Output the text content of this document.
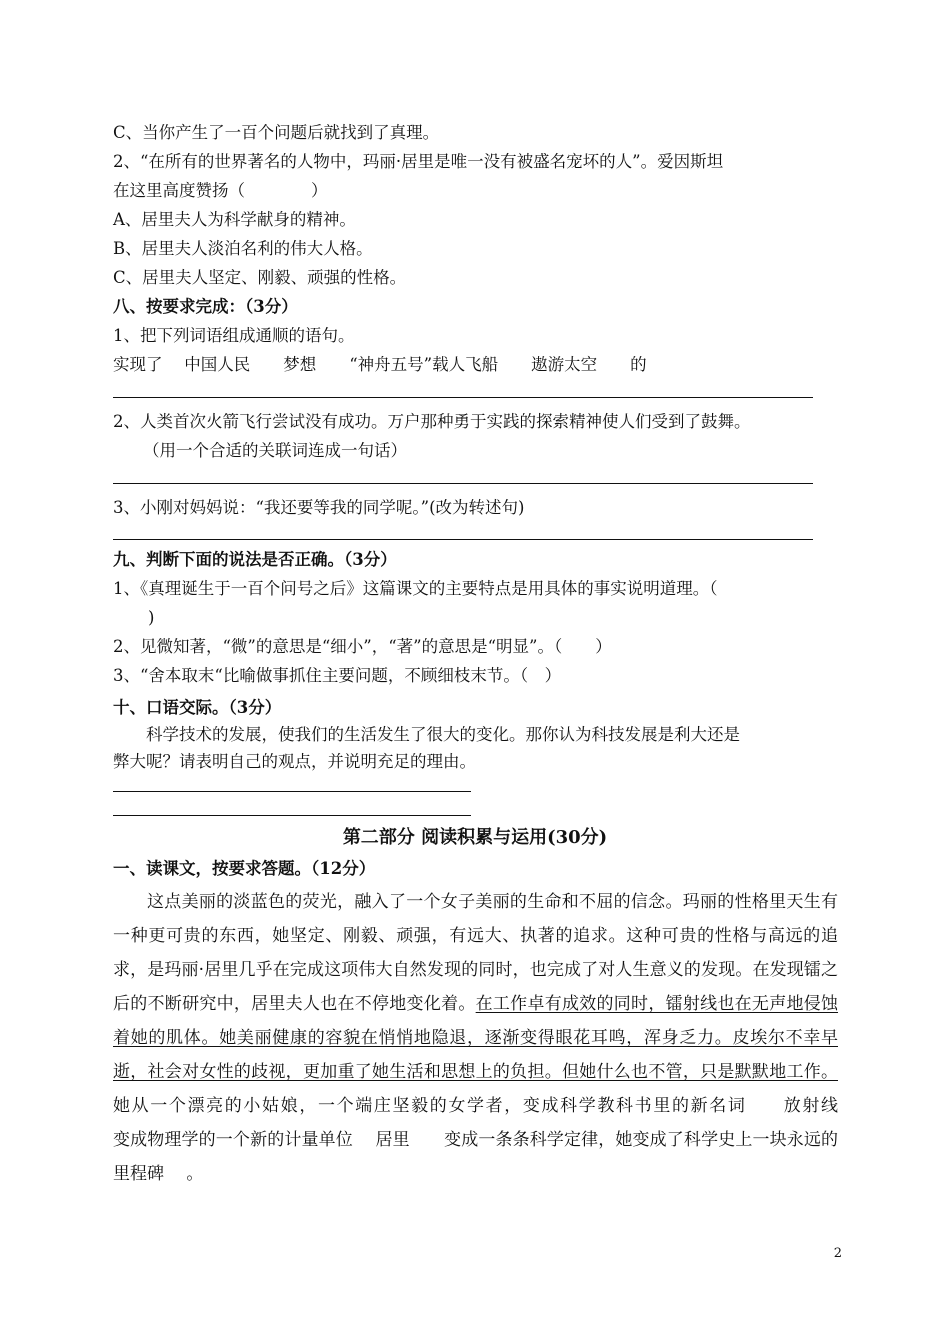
C、当你产生了一百个问题后就找到了真理。
2、“在所有的世界著名的人物中，玛丽·居里是唯一没有被盛名宠坏的人”。爱因斯坦
在这里高度赞扬（　　　　）
A、居里夫人为科学献身的精神。
B、居里夫人淡泊名利的伟大人格。
C、居里夫人坚定、刚毅、顽强的性格。
八、按要求完成：（3分）
1、把下列词语组成通顺的语句。
实现了　 中国人民　　梦想　　“神舟五号”载人飞船　　遨游太空　　的
2、人类首次火箭飞行尝试没有成功。万户那种勇于实践的探索精神使人们受到了鼓舞。
（用一个合适的关联词连成一句话）
3、小刚对妈妈说：“我还要等我的同学呢。”(改为转述句)
九、判断下面的说法是否正确。（3分）
1、《真理诞生于一百个问号之后》这篇课文的主要特点是用具体的事实说明道理。（
)
2、见微知著，“微”的意思是“细小”，“著”的意思是“明显”。（　　）
3、“舍本取末“比喻做事抓住主要问题，不顾细枝末节。（　）
十、口语交际。（3分）
　　科学技术的发展，使我们的生活发生了很大的变化。那你认为科技发展是利大还是
弊大呢？请表明自己的观点，并说明充足的理由。
第二部分 阅读积累与运用(30分)
一、读课文，按要求答题。（12分）
这点美丽的淡蓝色的荧光，融入了一个女子美丽的生命和不屈的信念。玛丽的性格里天生有一种更可贵的东西，她坚定、刚毅、顽强，有远大、执著的追求。这种可贵的性格与高远的追求，是玛丽·居里几乎在完成这项伟大自然发现的同时，也完成了对人生意义的发现。在发现镭之后的不断研究中，居里夫人也在不停地变化着。在工作卓有成效的同时，镭射线也在无声地侵蚀着她的肌体。她美丽健康的容貌在悄悄地隐退，逐渐变得眼花耳鸣，浑身乏力。皮埃尔不幸早逝，社会对女性的歧视，更加重了她生活和思想上的负担。但她什么也不管，只是默默地工作。她从一个漂亮的小姑娘，一个端庄坚毅的女学者，变成科学教科书里的新名词　　放射线　　　变成物理学的一个新的计量单位　 居里　　变成一条条科学定律，她变成了科学史上一块永远的里程碑　 。
2
